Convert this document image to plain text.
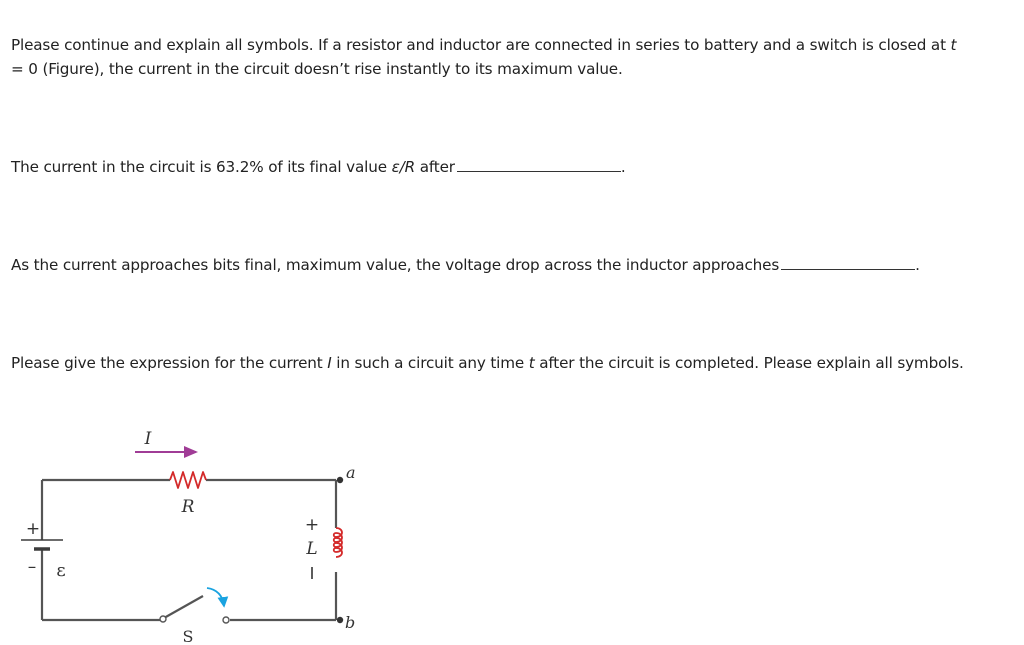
Please continue and explain all symbols. If a resistor and inductor are connected in series to battery and a switch is closed at t = 0 (Figure), the current in the circuit doesn’t rise instantly to its maximum value.

The current in the circuit is 63.2% of its final value ε/R after	.

As the current approaches bits final, maximum value, the voltage drop across the inductor approaches	.

Please give the expression for the current I in such a circuit any time t after the circuit is completed. Please explain all symbols.

I
R
+
– ε
S
a
b
+
L
